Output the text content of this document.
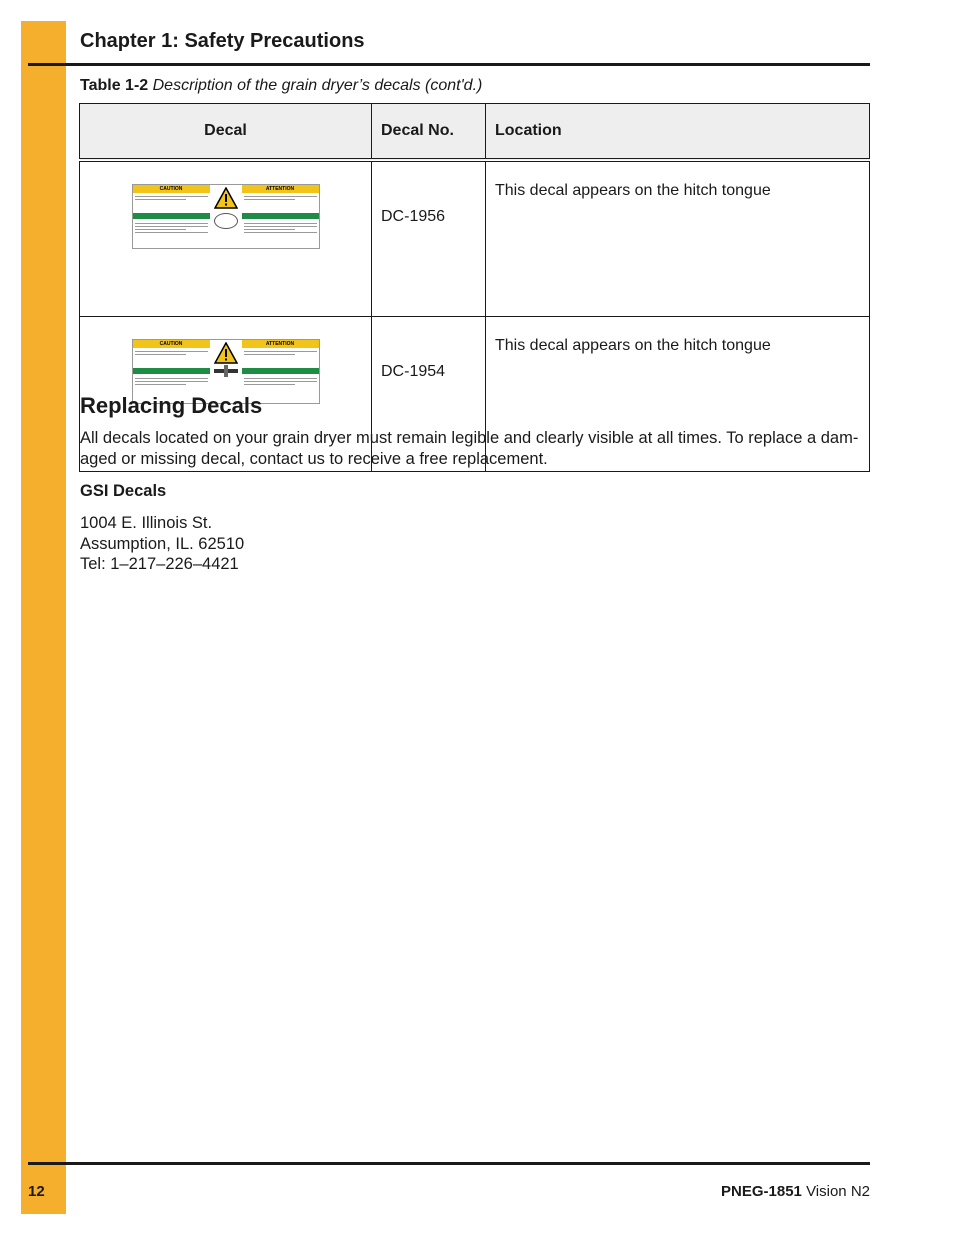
Chapter 1: Safety Precautions
Table 1-2 Description of the grain dryer’s decals (cont'd.)
Decal	Decal No.	Location

CAUTION ATTENTION	DC-1956	This decal appears on the hitch tongue

CAUTION ATTENTION	DC-1954	This decal appears on the hitch tongue
Replacing Decals

All decals located on your grain dryer must remain legible and clearly visible at all times. To replace a dam-aged or missing decal, contact us to receive a free replacement.

GSI Decals
1004 E. Illinois St.
Assumption, IL. 62510
Tel: 1–217–226–4421
12	PNEG-1851 Vision N2
